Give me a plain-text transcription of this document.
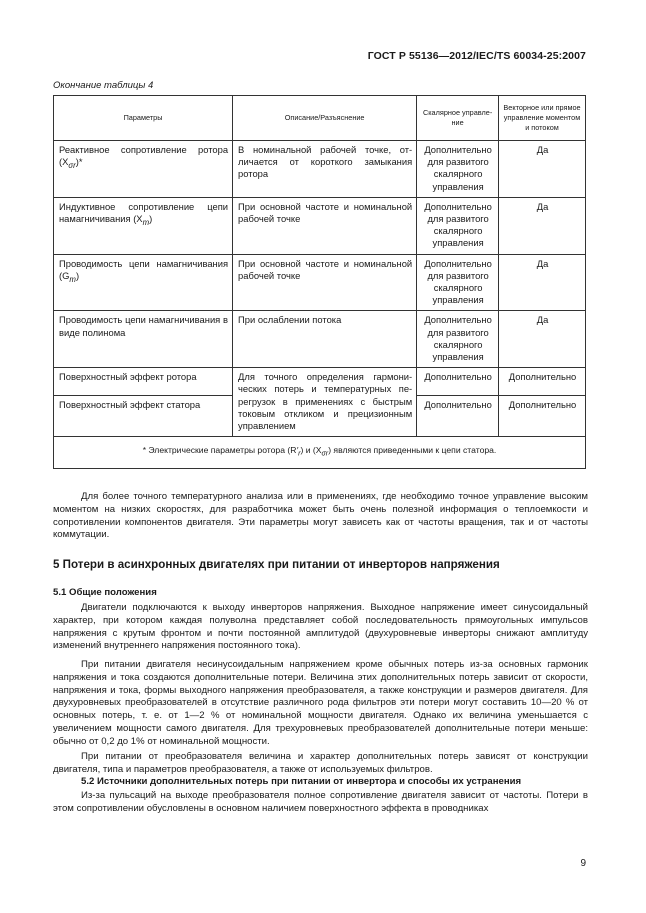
ГОСТ Р 55136—2012/IEC/TS 60034-25:2007
Окончание таблицы 4
Параметры	Описание/Разъяснение	Скалярное управление	Векторное или прямое управление моментом и потоком
Реактивное сопротивление ротора $(X_{\sigma r})*$	В номинальной рабочей точке, отличается от короткого замыкания ротора	Дополнительно для развитого скалярного управления	Да
Индуктивное сопротивление цепи намагничивания $(X_m)$	При основной частоте и номинальной рабочей точке	Дополнительно для развитого скалярного управления	Да
Проводимость цепи намагничивания $(G_m)$	При основной частоте и номинальной рабочей точке	Дополнительно для развитого скалярного управления	Да
Проводимость цепи намагничивания в виде полинома	При ослаблении потока	Дополнительно для развитого скалярного управления	Да
Поверхностный эффект ротора	Для точного определения гармонических потерь и температурных перегрузок в применениях с быстрым токовым откликом и прецизионным управлением	Дополнительно	Дополнительно
Поверхностный эффект статора		Дополнительно	Дополнительно
* Электрические параметры ротора $(R'_r)$ и $(X_{\sigma r})$ являются приведенными к цепи статора.			

Для более точного температурного анализа или в применениях, где необходимо точное управление высоким моментом на низких скоростях, для разработчика может быть очень полезной информация о теплоемкости и сопротивлении компонентов двигателя. Эти параметры могут зависеть как от частоты вращения, так и от частоты коммутации.

5 Потери в асинхронных двигателях при питании от инверторов напряжения
5.1 Общие положения

Двигатели подключаются к выходу инверторов напряжения. Выходное напряжение имеет синусоидальный характер, при котором каждая полуволна представляет собой последовательность прямоугольных импульсов напряжения с крутым фронтом и почти постоянной амплитудой (двухуровневые инверторы снижают амплитуду изменений внутреннего напряжения постоянного тока).

При питании двигателя несинусоидальным напряжением кроме обычных потерь из-за основных гармоник напряжения и тока создаются дополнительные потери. Величина этих дополнительных потерь зависит от скорости, напряжения и тока, формы выходного напряжения преобразователя, а также конструкции и размеров двигателя. Для двухуровневых преобразователей в отсутствие различного рода фильтров эти потери могут составить 10—20 % от основных потерь, т. е. от 1—2 % от номинальной мощности двигателя. Однако их величина уменьшается с увеличением мощности самого двигателя. Для трехуровневых преобразователей дополнительные потери меньше: обычно от 0,2 до 1% от номинальной мощности.

При питании от преобразователя величина и характер дополнительных потерь зависят от конструкции двигателя, типа и параметров преобразователя, а также от используемых фильтров.

5.2 Источники дополнительных потерь при питании от инвертора и способы их устранения

Из-за пульсаций на выходе преобразователя полное сопротивление двигателя зависит от частоты. Потери в этом сопротивлении обусловлены в основном наличием поверхностного эффекта в проводниках

9
